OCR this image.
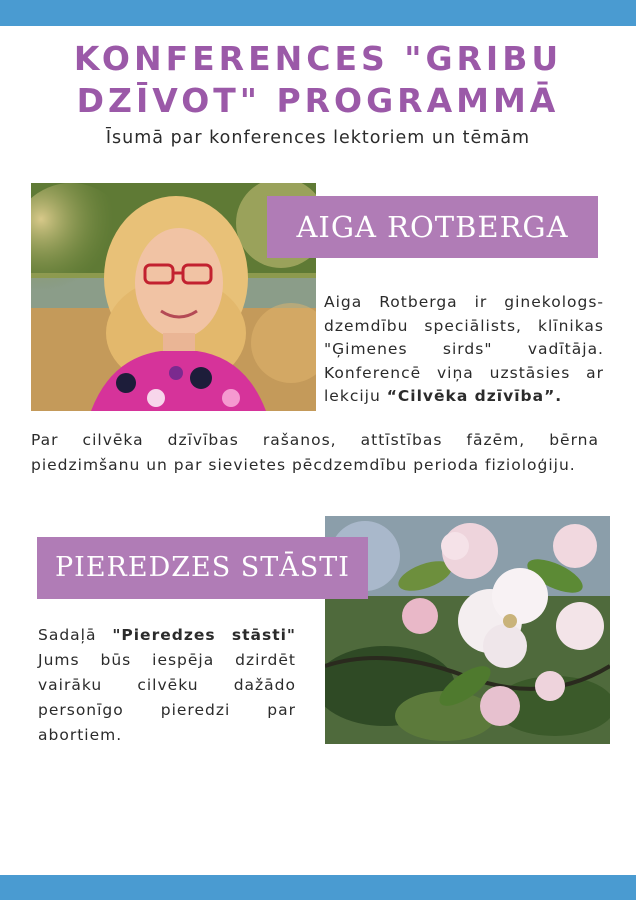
KONFERENCES "GRIBU
DZĪVOT" PROGRAMMĀ

Īsumā par konferences lektoriem un tēmām

AIGA ROTBERGA

Aiga Rotberga ir ginekologs-dzemdību speciālists, klīnikas "Ģimenes sirds" vadītāja. Konferencē viņa uzstāsies ar lekciju “Cilvēka dzīvība”.

Par cilvēka dzīvības rašanos, attīstības fāzēm, bērna piedzimšanu un par sievietes pēcdzemdību perioda fizioloģiju.

PIEREDZES STĀSTI

Sadaļā "Pieredzes stāsti" Jums būs iespēja dzirdēt vairāku cilvēku dažādo personīgo pieredzi par abortiem.
